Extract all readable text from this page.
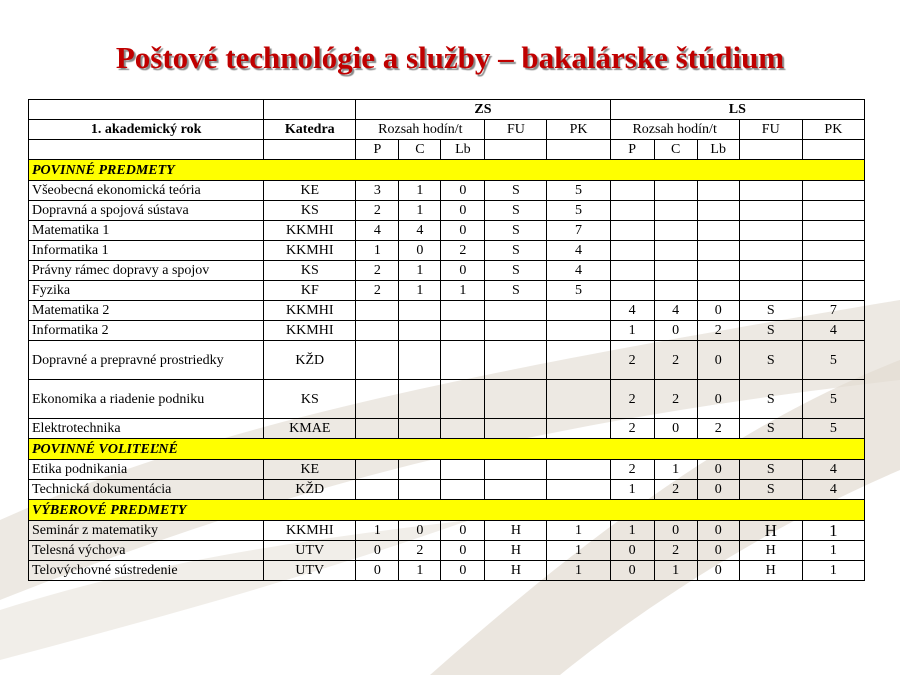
Poštové technológie a služby – bakalárske štúdium
		ZS					LS				
1. akademický rok	Katedra	Rozsah hodín/t			FU	PK	Rozsah hodín/t			FU	PK
		P	C	Lb			P	C	Lb		
POVINNÉ PREDMETY											
Všeobecná ekonomická teória	KE	3	1	0	S	5					
Dopravná a spojová sústava	KS	2	1	0	S	5					
Matematika 1	KKMHI	4	4	0	S	7					
Informatika 1	KKMHI	1	0	2	S	4					
Právny rámec dopravy a spojov	KS	2	1	0	S	4					
Fyzika	KF	2	1	1	S	5					
Matematika 2	KKMHI						4	4	0	S	7
Informatika 2	KKMHI						1	0	2	S	4
Dopravné a prepravné prostriedky	KŽD						2	2	0	S	5
Ekonomika a riadenie podniku	KS						2	2	0	S	5
Elektrotechnika	KMAE						2	0	2	S	5
POVINNÉ VOLITEĽNÉ											
Etika podnikania	KE						2	1	0	S	4
Technická dokumentácia	KŽD						1	2	0	S	4
VÝBEROVÉ PREDMETY											
Seminár z matematiky	KKMHI	1	0	0	H	1	1	0	0	H	1
Telesná výchova	UTV	0	2	0	H	1	0	2	0	H	1
Telovýchovné sústredenie	UTV	0	1	0	H	1	0	1	0	H	1
